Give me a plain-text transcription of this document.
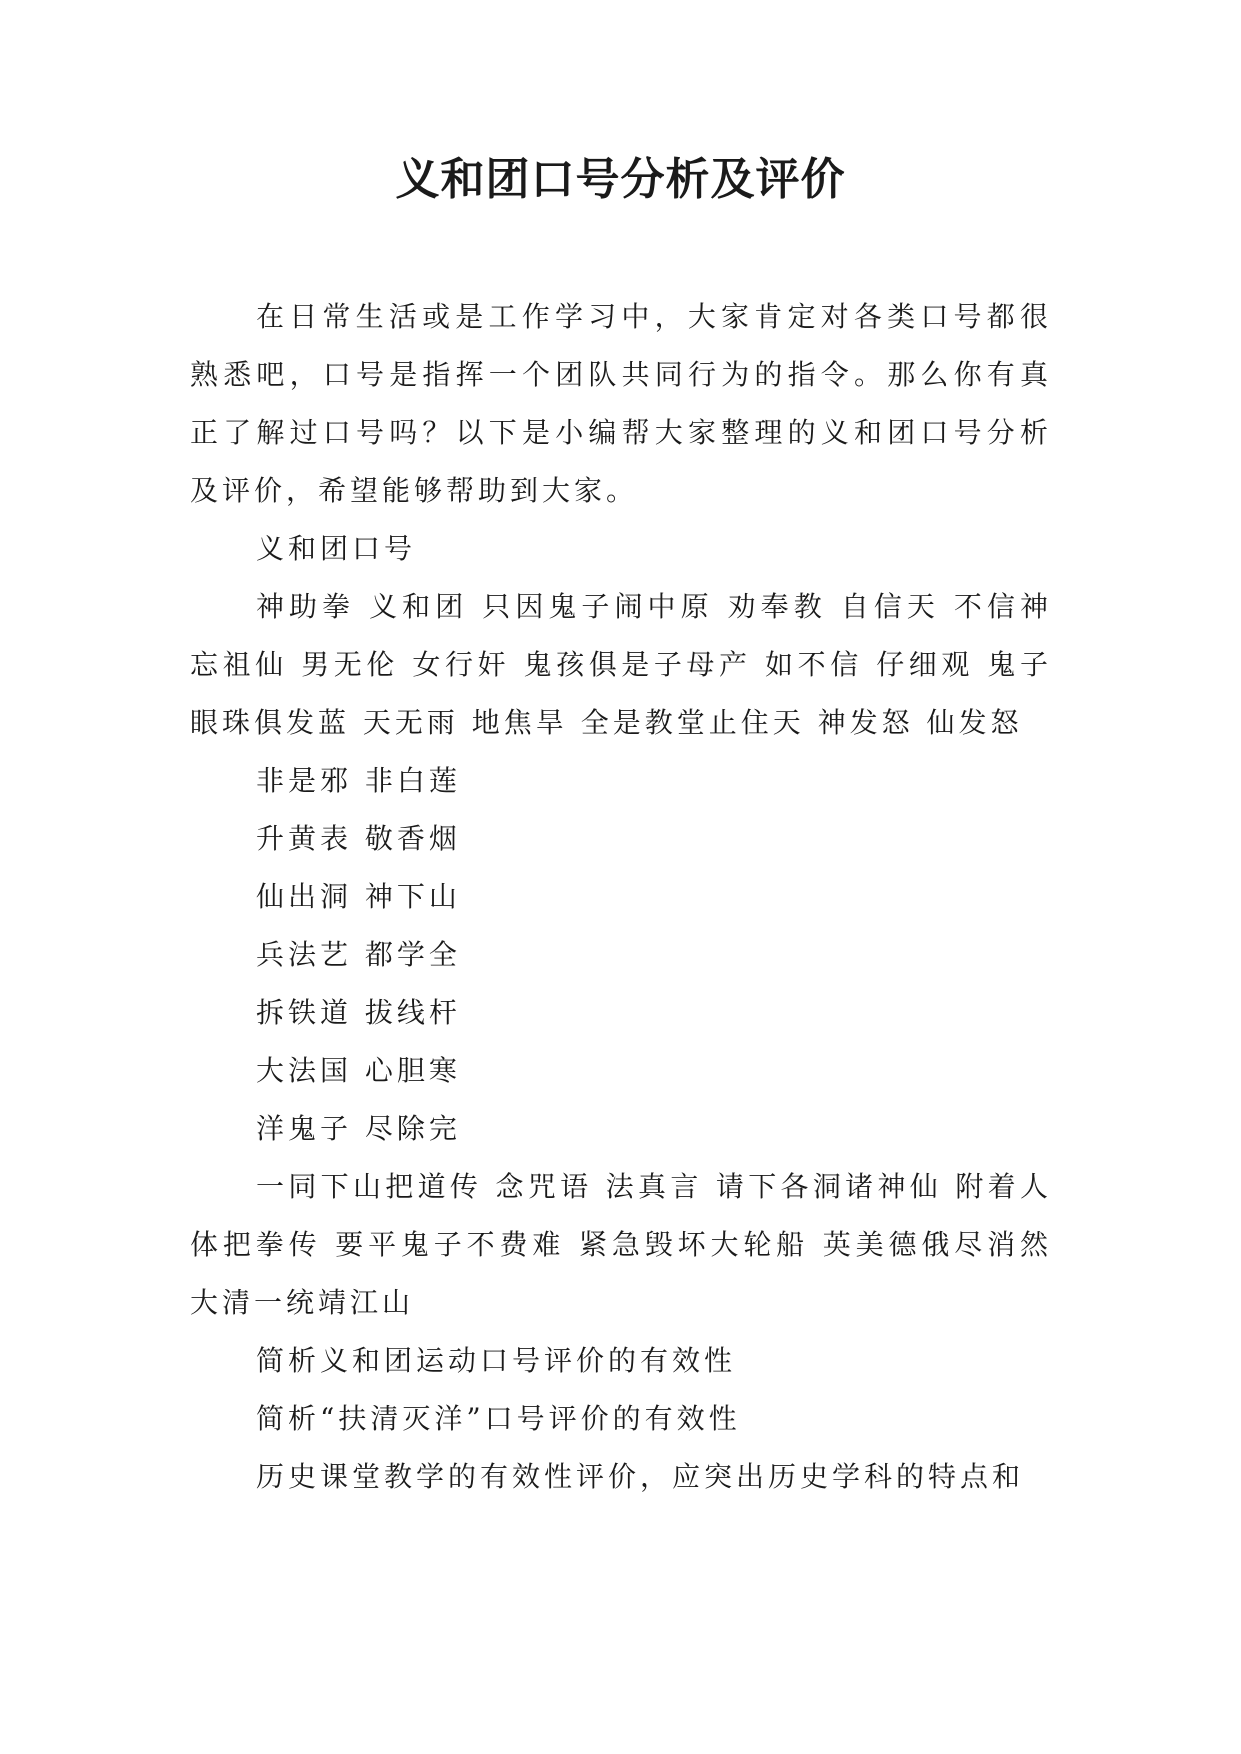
义和团口号分析及评价

在日常生活或是工作学习中，大家肯定对各类口号都很熟悉吧，口号是指挥一个团队共同行为的指令。那么你有真正了解过口号吗？以下是小编帮大家整理的义和团口号分析及评价，希望能够帮助到大家。

义和团口号

神助拳 义和团 只因鬼子闹中原 劝奉教 自信天 不信神 忘祖仙 男无伦 女行奸 鬼孩俱是子母产 如不信 仔细观 鬼子眼珠俱发蓝 天无雨 地焦旱 全是教堂止住天 神发怒 仙发怒

非是邪 非白莲

升黄表 敬香烟

仙出洞 神下山

兵法艺 都学全

拆铁道 拔线杆

大法国 心胆寒

洋鬼子 尽除完

一同下山把道传 念咒语 法真言 请下各洞诸神仙 附着人体把拳传 要平鬼子不费难 紧急毁坏大轮船 英美德俄尽消然 大清一统靖江山

简析义和团运动口号评价的有效性

简析“扶清灭洋”口号评价的有效性

历史课堂教学的有效性评价，应突出历史学科的特点和
